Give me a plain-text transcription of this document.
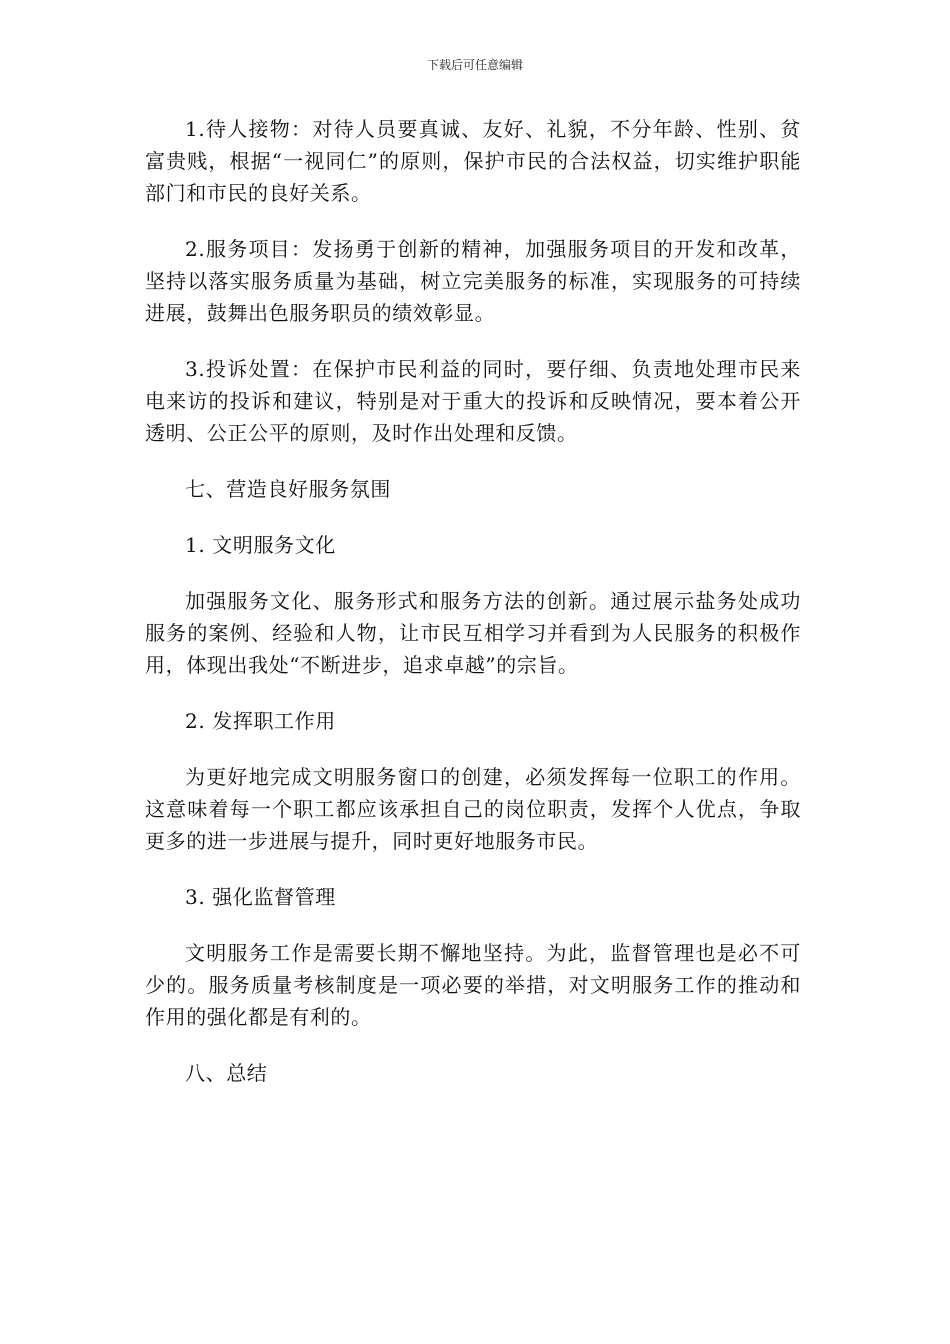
下载后可任意编辑

1.待人接物：对待人员要真诚、友好、礼貌，不分年龄、性别、贫富贵贱，根据“一视同仁”的原则，保护市民的合法权益，切实维护职能部门和市民的良好关系。

2.服务项目：发扬勇于创新的精神，加强服务项目的开发和改革，坚持以落实服务质量为基础，树立完美服务的标准，实现服务的可持续进展，鼓舞出色服务职员的绩效彰显。

3.投诉处置：在保护市民利益的同时，要仔细、负责地处理市民来电来访的投诉和建议，特别是对于重大的投诉和反映情况，要本着公开透明、公正公平的原则，及时作出处理和反馈。

七、营造良好服务氛围

1. 文明服务文化

加强服务文化、服务形式和服务方法的创新。通过展示盐务处成功服务的案例、经验和人物，让市民互相学习并看到为人民服务的积极作用，体现出我处“不断进步，追求卓越”的宗旨。

2. 发挥职工作用

为更好地完成文明服务窗口的创建，必须发挥每一位职工的作用。这意味着每一个职工都应该承担自己的岗位职责，发挥个人优点，争取更多的进一步进展与提升，同时更好地服务市民。

3. 强化监督管理

文明服务工作是需要长期不懈地坚持。为此，监督管理也是必不可少的。服务质量考核制度是一项必要的举措，对文明服务工作的推动和作用的强化都是有利的。

八、总结
